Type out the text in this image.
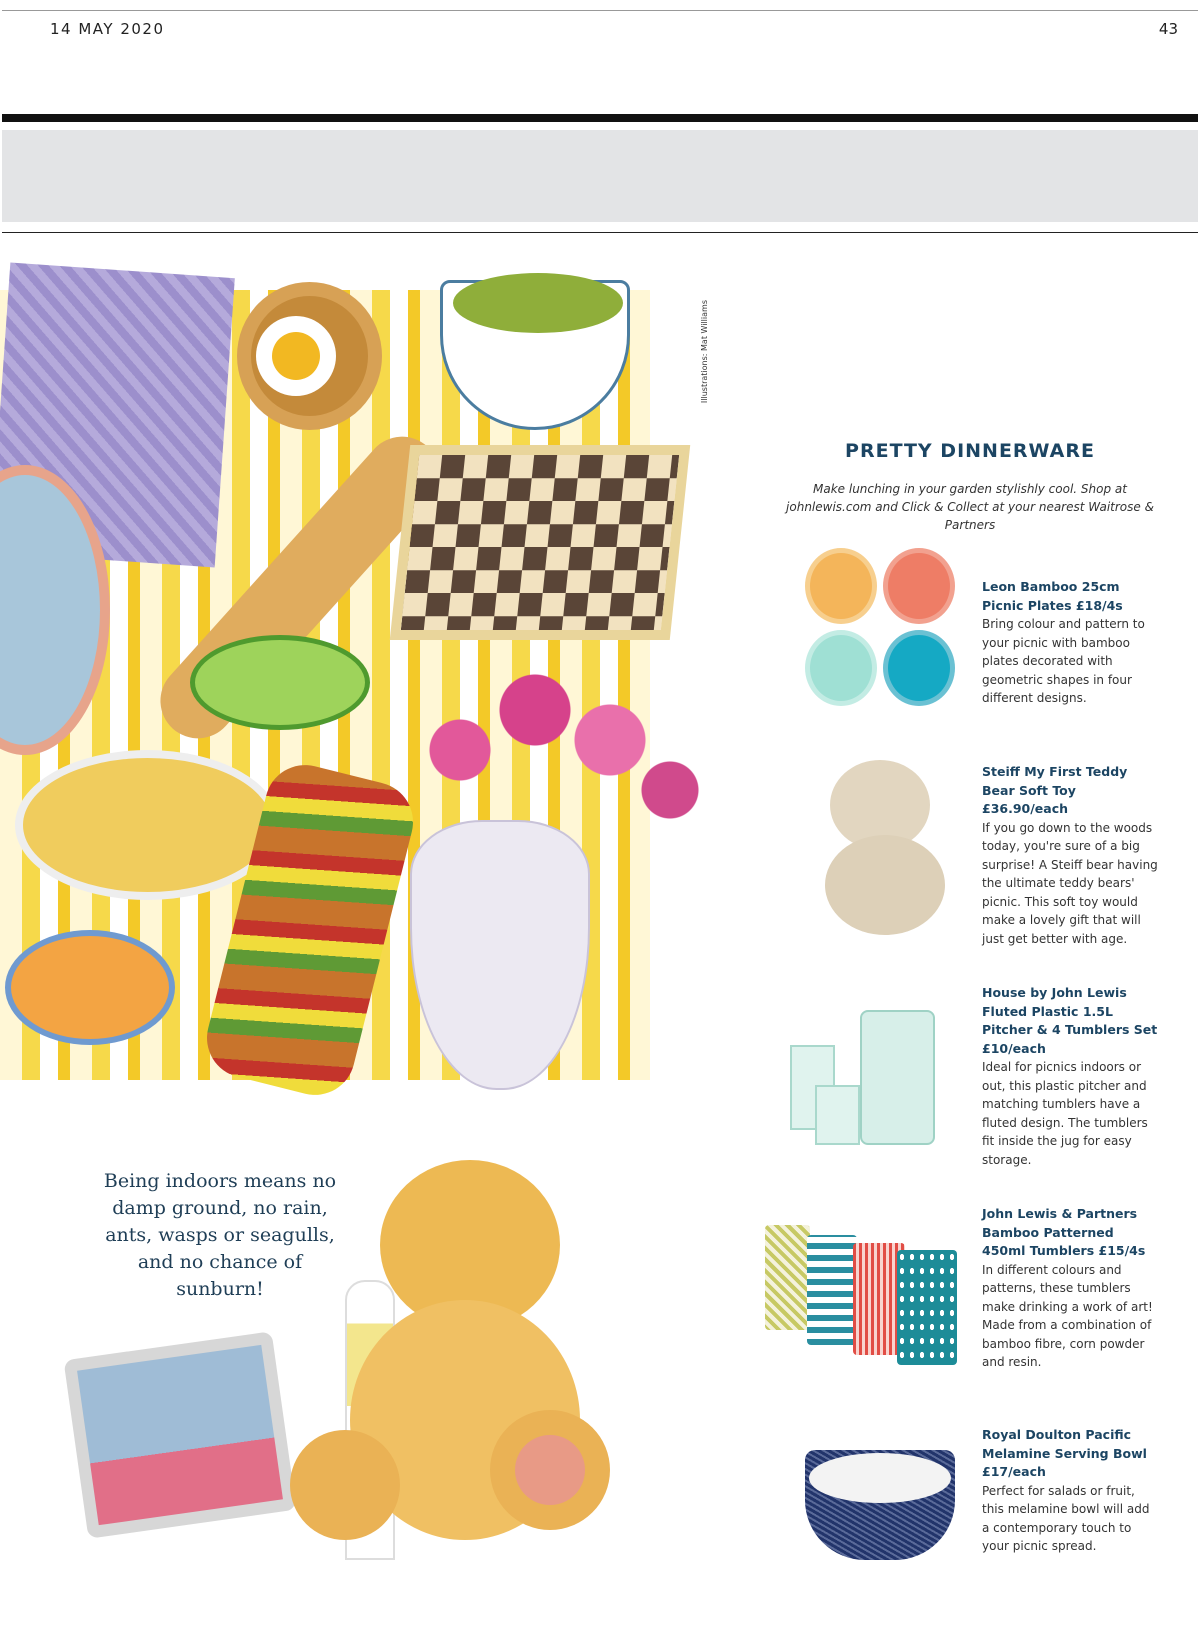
14 MAY 2020	43
Illustrations: Mat Williams
Being indoors means no damp ground, no rain, ants, wasps or seagulls, and no chance of sunburn!
PRETTY DINNERWARE
Make lunching in your garden stylishly cool. Shop at johnlewis.com and Click & Collect at your nearest Waitrose & Partners
Leon Bamboo 25cm Picnic Plates £18/4s
Bring colour and pattern to your picnic with bamboo plates decorated with geometric shapes in four different designs.
Steiff My First Teddy Bear Soft Toy £36.90/each
If you go down to the woods today, you're sure of a big surprise! A Steiff bear having the ultimate teddy bears' picnic. This soft toy would make a lovely gift that will just get better with age.
House by John Lewis Fluted Plastic 1.5L Pitcher & 4 Tumblers Set £10/each
Ideal for picnics indoors or out, this plastic pitcher and matching tumblers have a fluted design. The tumblers fit inside the jug for easy storage.
John Lewis & Partners Bamboo Patterned 450ml Tumblers £15/4s
In different colours and patterns, these tumblers make drinking a work of art! Made from a combination of bamboo fibre, corn powder and resin.
Royal Doulton Pacific Melamine Serving Bowl £17/each
Perfect for salads or fruit, this melamine bowl will add a contemporary touch to your picnic spread.
